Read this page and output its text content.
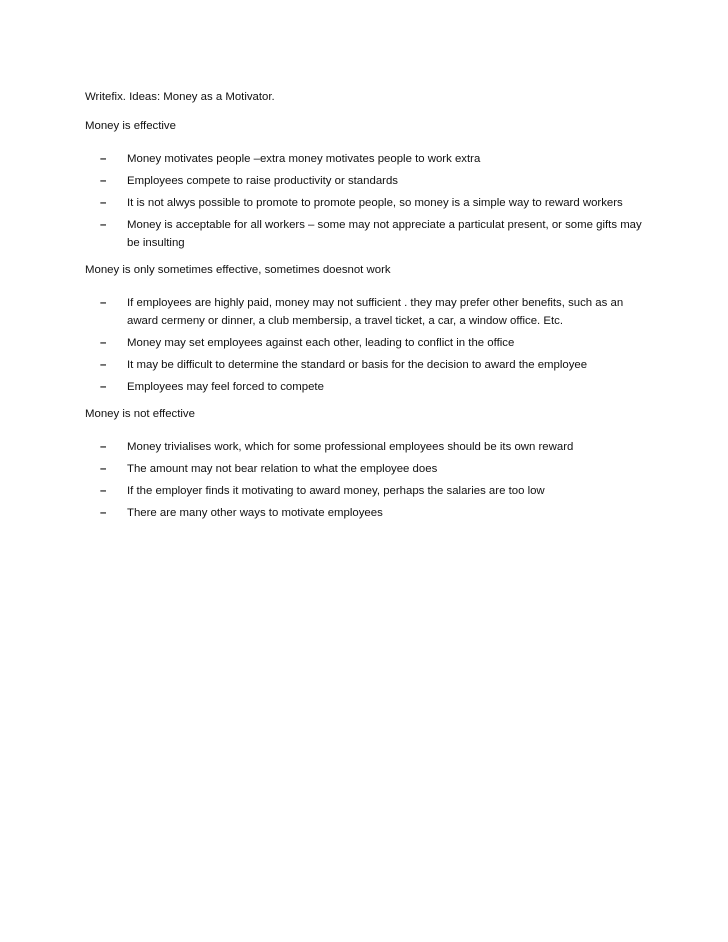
Writefix. Ideas: Money as a Motivator.

Money is effective

–	Money motivates people –extra money motivates people to work extra
–	Employees compete to raise productivity or standards
–	It is not alwys possible to promote to promote people, so money is a simple way to reward workers
–	Money is acceptable for all workers – some may not appreciate a particulat present, or some gifts may be insulting

Money is only sometimes effective, sometimes doesnot work

–	If employees are highly paid, money may not sufficient . they may prefer other benefits, such as an award cermeny or dinner, a club membersip, a travel ticket, a car, a window office. Etc.
–	Money may set employees against each other, leading to conflict in the office
–	It may be difficult to determine the standard or basis for the decision to award the employee
–	Employees may feel forced to compete

Money is not effective

–	Money trivialises work, which for some professional employees should be its own reward
–	The amount may not bear relation to what the employee does
–	If the employer finds it motivating to award money, perhaps the salaries are too low
–	There are many other ways to motivate employees
